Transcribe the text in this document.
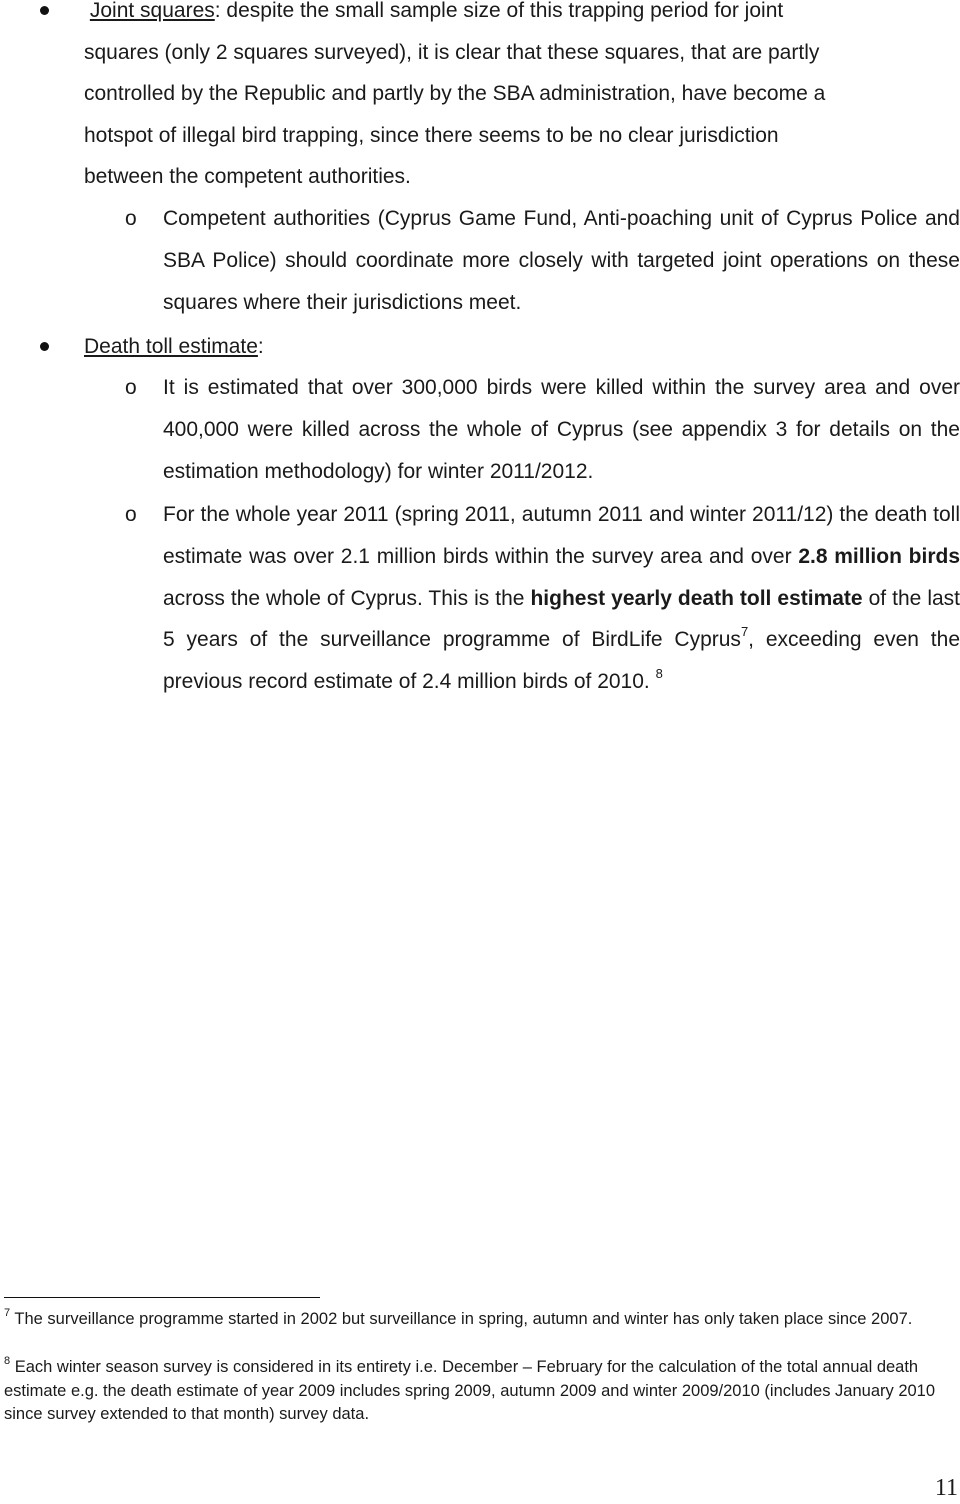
Joint squares: despite the small sample size of this trapping period for joint
squares (only 2 squares surveyed), it is clear that these squares, that are partly
controlled by the Republic and partly by the SBA administration, have become a
hotspot of illegal bird trapping, since there seems to be no clear jurisdiction
between the competent authorities.
o Competent authorities (Cyprus Game Fund, Anti-poaching unit of Cyprus Police and SBA Police) should coordinate more closely with targeted joint operations on these squares where their jurisdictions meet.
Death toll estimate:
o It is estimated that over 300,000 birds were killed within the survey area and over 400,000 were killed across the whole of Cyprus (see appendix 3 for details on the estimation methodology) for winter 2011/2012.
o For the whole year 2011 (spring 2011, autumn 2011 and winter 2011/12) the death toll estimate was over 2.1 million birds within the survey area and over 2.8 million birds across the whole of Cyprus. This is the highest yearly death toll estimate of the last 5 years of the surveillance programme of BirdLife Cyprus$^7$, exceeding even the previous record estimate of 2.4 million birds of 2010. $^8$
$^7$ The surveillance programme started in 2002 but surveillance in spring, autumn and winter has only taken place since 2007.
$^8$ Each winter season survey is considered in its entirety i.e. December – February for the calculation of the total annual death estimate e.g. the death estimate of year 2009 includes spring 2009, autumn 2009 and winter 2009/2010 (includes January 2010 since survey extended to that month) survey data.
11
